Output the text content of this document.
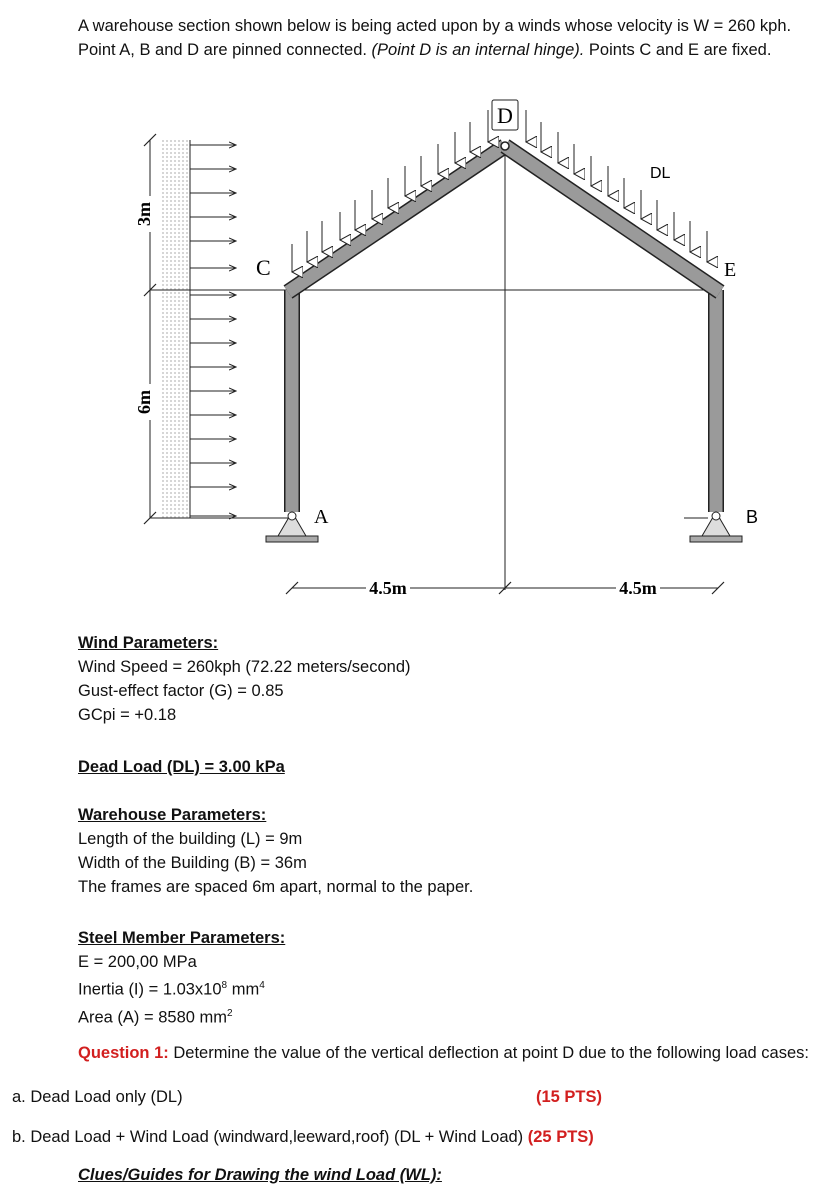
A warehouse section shown below is being acted upon by a winds whose velocity is W = 260 kph.
Point A, B and D are pinned connected. (Point D is an internal hinge). Points C and E are fixed.
3m
6m
D
DL
C	E
A	B
4.5m	4.5m
Wind Parameters:
Wind Speed = 260kph (72.22 meters/second)
Gust-effect factor (G) = 0.85
GCpi = +0.18
Dead Load (DL) = 3.00 kPa
Warehouse Parameters:
Length of the building (L) = 9m
Width of the Building (B) = 36m
The frames are spaced 6m apart, normal to the paper.
Steel Member Parameters:
E = 200,00 MPa
Inertia $(I) = 1.03x10^8$ $mm^4$
Area (A) = 8580 $mm^2$
Question 1: Determine the value of the vertical deflection at point D due to the following load cases:
a. Dead Load only (DL)	(15 PTS)
b. Dead Load + Wind Load (windward,leeward,roof) (DL + Wind Load) (25 PTS)
Clues/Guides for Drawing the wind Load (WL):
